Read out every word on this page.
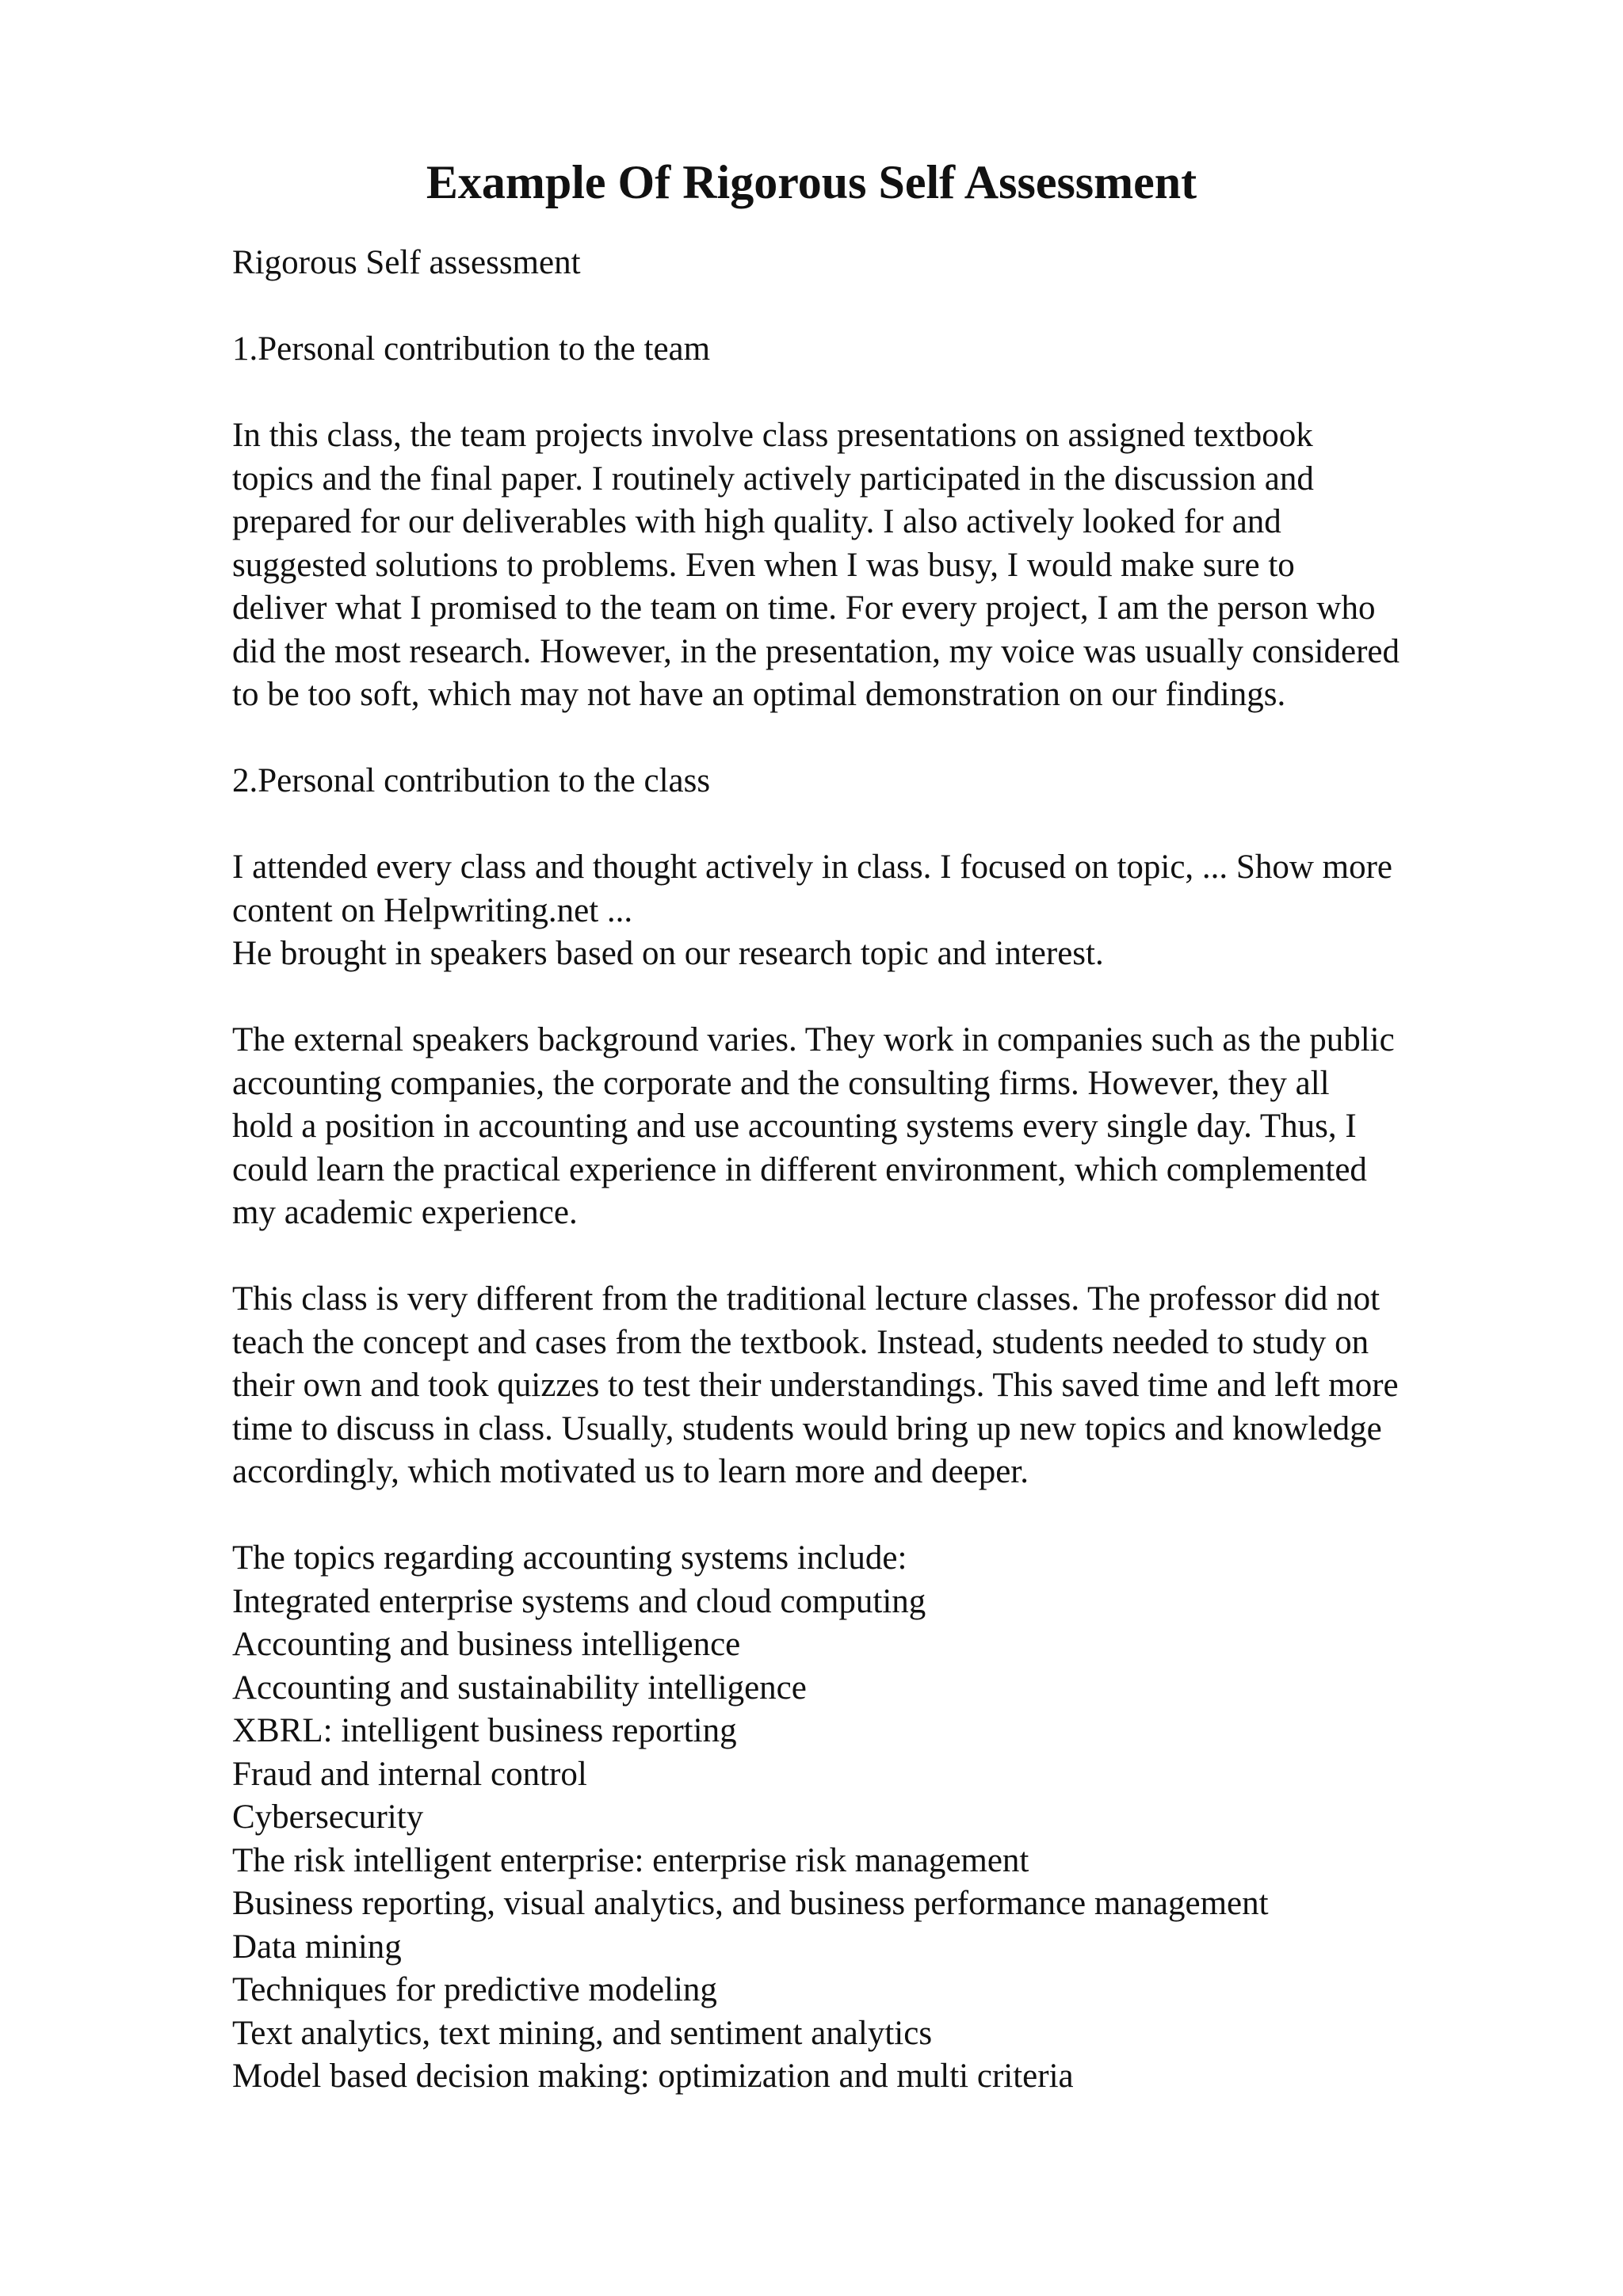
Example Of Rigorous Self Assessment

Rigorous Self assessment

1.Personal contribution to the team

In this class, the team projects involve class presentations on assigned textbook
topics and the final paper. I routinely actively participated in the discussion and
prepared for our deliverables with high quality. I also actively looked for and
suggested solutions to problems. Even when I was busy, I would make sure to
deliver what I promised to the team on time. For every project, I am the person who
did the most research. However, in the presentation, my voice was usually considered
to be too soft, which may not have an optimal demonstration on our findings.

2.Personal contribution to the class

I attended every class and thought actively in class. I focused on topic, ... Show more
content on Helpwriting.net ...
He brought in speakers based on our research topic and interest.

The external speakers background varies. They work in companies such as the public
accounting companies, the corporate and the consulting firms. However, they all
hold a position in accounting and use accounting systems every single day. Thus, I
could learn the practical experience in different environment, which complemented
my academic experience.

This class is very different from the traditional lecture classes. The professor did not
teach the concept and cases from the textbook. Instead, students needed to study on
their own and took quizzes to test their understandings. This saved time and left more
time to discuss in class. Usually, students would bring up new topics and knowledge
accordingly, which motivated us to learn more and deeper.

The topics regarding accounting systems include:
Integrated enterprise systems and cloud computing
Accounting and business intelligence
Accounting and sustainability intelligence
XBRL: intelligent business reporting
Fraud and internal control
Cybersecurity
The risk intelligent enterprise: enterprise risk management
Business reporting, visual analytics, and business performance management
Data mining
Techniques for predictive modeling
Text analytics, text mining, and sentiment analytics
Model based decision making: optimization and multi criteria
